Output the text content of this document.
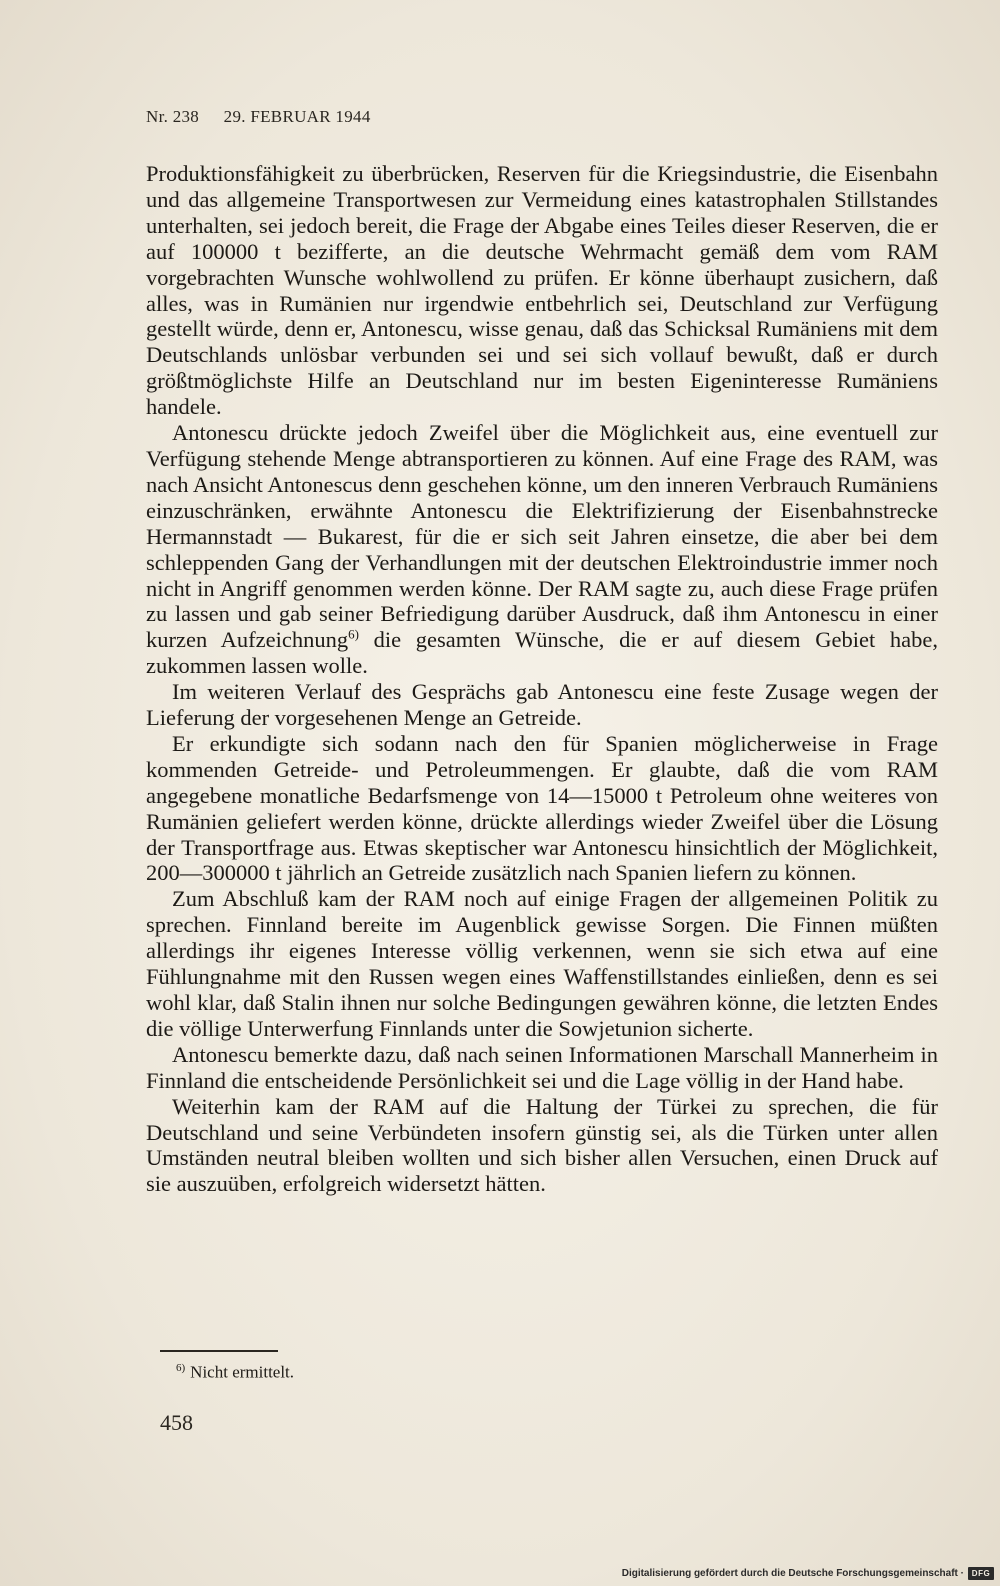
Nr. 238 29. FEBRUAR 1944

Produktionsfähigkeit zu überbrücken, Reserven für die Kriegsindustrie, die Eisenbahn und das allgemeine Transportwesen zur Vermeidung eines katastrophalen Stillstandes unterhalten, sei jedoch bereit, die Frage der Abgabe eines Teiles dieser Reserven, die er auf 100000 t bezifferte, an die deutsche Wehrmacht gemäß dem vom RAM vorgebrachten Wunsche wohlwollend zu prüfen. Er könne überhaupt zusichern, daß alles, was in Rumänien nur irgendwie entbehrlich sei, Deutschland zur Verfügung gestellt würde, denn er, Antonescu, wisse genau, daß das Schicksal Rumäniens mit dem Deutschlands unlösbar verbunden sei und sei sich vollauf bewußt, daß er durch größtmöglichste Hilfe an Deutschland nur im besten Eigeninteresse Rumäniens handele.

Antonescu drückte jedoch Zweifel über die Möglichkeit aus, eine eventuell zur Verfügung stehende Menge abtransportieren zu können. Auf eine Frage des RAM, was nach Ansicht Antonescus denn geschehen könne, um den inneren Verbrauch Rumäniens einzuschränken, erwähnte Antonescu die Elektrifizierung der Eisenbahnstrecke Hermannstadt — Bukarest, für die er sich seit Jahren einsetze, die aber bei dem schleppenden Gang der Verhandlungen mit der deutschen Elektroindustrie immer noch nicht in Angriff genommen werden könne. Der RAM sagte zu, auch diese Frage prüfen zu lassen und gab seiner Befriedigung darüber Ausdruck, daß ihm Antonescu in einer kurzen Aufzeichnung$^{6)}$ die gesamten Wünsche, die er auf diesem Gebiet habe, zukommen lassen wolle.

Im weiteren Verlauf des Gesprächs gab Antonescu eine feste Zusage wegen der Lieferung der vorgesehenen Menge an Getreide.

Er erkundigte sich sodann nach den für Spanien möglicherweise in Frage kommenden Getreide- und Petroleummengen. Er glaubte, daß die vom RAM angegebene monatliche Bedarfsmenge von 14—15000 t Petroleum ohne weiteres von Rumänien geliefert werden könne, drückte allerdings wieder Zweifel über die Lösung der Transportfrage aus. Etwas skeptischer war Antonescu hinsichtlich der Möglichkeit, 200—300000 t jährlich an Getreide zusätzlich nach Spanien liefern zu können.

Zum Abschluß kam der RAM noch auf einige Fragen der allgemeinen Politik zu sprechen. Finnland bereite im Augenblick gewisse Sorgen. Die Finnen müßten allerdings ihr eigenes Interesse völlig verkennen, wenn sie sich etwa auf eine Fühlungnahme mit den Russen wegen eines Waffenstillstandes einließen, denn es sei wohl klar, daß Stalin ihnen nur solche Bedingungen gewähren könne, die letzten Endes die völlige Unterwerfung Finnlands unter die Sowjetunion sicherte.

Antonescu bemerkte dazu, daß nach seinen Informationen Marschall Mannerheim in Finnland die entscheidende Persönlichkeit sei und die Lage völlig in der Hand habe.

Weiterhin kam der RAM auf die Haltung der Türkei zu sprechen, die für Deutschland und seine Verbündeten insofern günstig sei, als die Türken unter allen Umständen neutral bleiben wollten und sich bisher allen Versuchen, einen Druck auf sie auszuüben, erfolgreich widersetzt hätten.

$^{6)}$ Nicht ermittelt.
458
Digitalisierung gefördert durch die Deutsche Forschungsgemeinschaft · DFG
